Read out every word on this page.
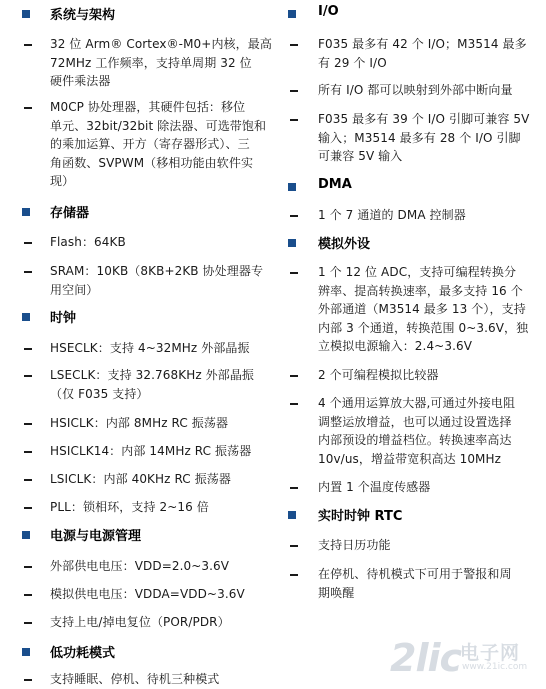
系统与架构
32 位 Arm® Cortex®-M0+内核，最高
72MHz 工作频率，支持单周期 32 位
硬件乘法器
M0CP 协处理器，其硬件包括：移位
单元、32bit/32bit 除法器、可选带饱和
的乘加运算、开方（寄存器形式）、三
角函数、SVPWM（移相功能由软件实
现）
存储器
Flash：64KB
SRAM：10KB（8KB+2KB 协处理器专
用空间）
时钟
HSECLK：支持 4~32MHz 外部晶振
LSECLK：支持 32.768KHz 外部晶振
（仅 F035 支持）
HSICLK：内部 8MHz RC 振荡器
HSICLK14：内部 14MHz RC 振荡器
LSICLK：内部 40KHz RC 振荡器
PLL：锁相环，支持 2~16 倍
电源与电源管理
外部供电电压：VDD=2.0~3.6V
模拟供电电压：VDDA=VDD~3.6V
支持上电/掉电复位（POR/PDR）
低功耗模式
支持睡眠、停机、待机三种模式
I/O
F035 最多有 42 个 I/O；M3514 最多
有 29 个 I/O
所有 I/O 都可以映射到外部中断向量
F035 最多有 39 个 I/O 引脚可兼容 5V
输入；M3514 最多有 28 个 I/O 引脚
可兼容 5V 输入
DMA
1 个 7 通道的 DMA 控制器
模拟外设
1 个 12 位 ADC，支持可编程转换分
辨率、提高转换速率，最多支持 16 个
外部通道（M3514 最多 13 个），支持
内部 3 个通道，转换范围 0~3.6V，独
立模拟电源输入：2.4~3.6V
2 个可编程模拟比较器
4 个通用运算放大器,可通过外接电阻
调整运放增益，也可以通过设置选择
内部预设的增益档位。转换速率高达
10v/us，增益带宽积高达 10MHz
内置 1 个温度传感器
实时时钟 RTC
支持日历功能
在停机、待机模式下可用于警报和周
期唤醒
2lic
电子网
www.21ic.com
